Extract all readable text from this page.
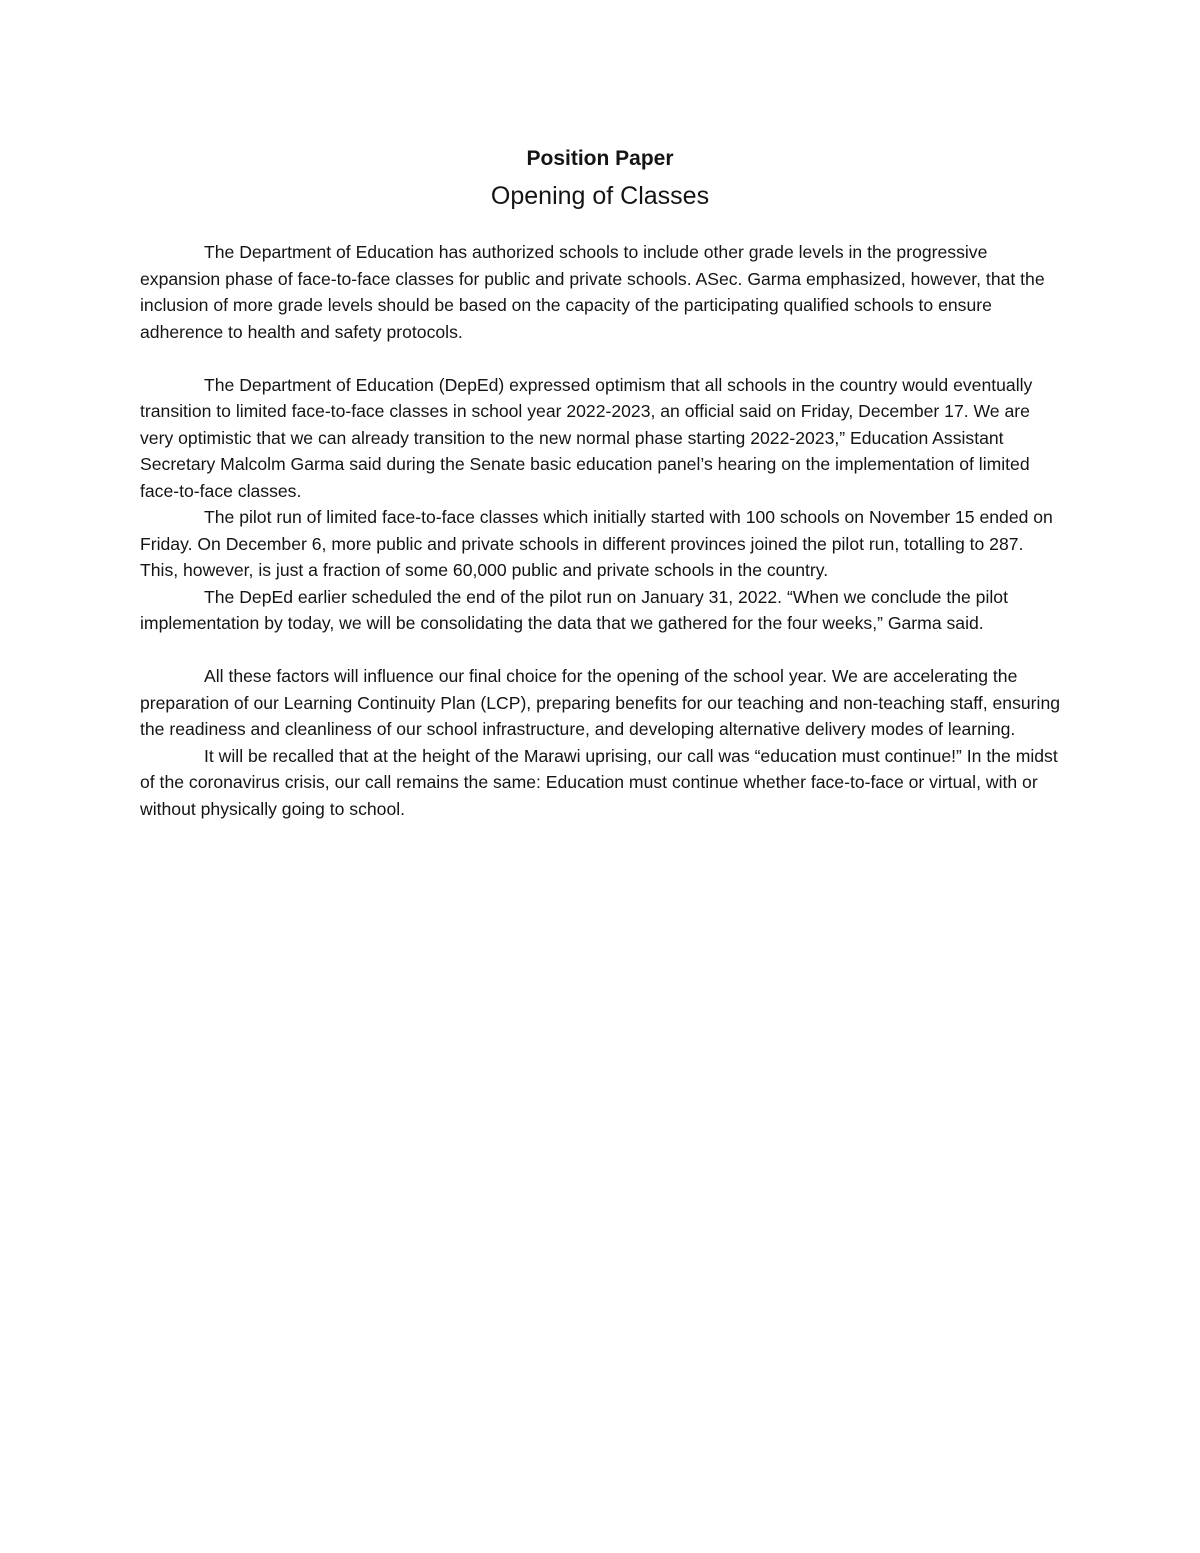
Position Paper
Opening of Classes

The Department of Education has authorized schools to include other grade levels in the progressive expansion phase of face-to-face classes for public and private schools. ASec. Garma emphasized, however, that the inclusion of more grade levels should be based on the capacity of the participating qualified schools to ensure adherence to health and safety protocols.

The Department of Education (DepEd) expressed optimism that all schools in the country would eventually transition to limited face-to-face classes in school year 2022-2023, an official said on Friday, December 17. We are very optimistic that we can already transition to the new normal phase starting 2022-2023,” Education Assistant Secretary Malcolm Garma said during the Senate basic education panel’s hearing on the implementation of limited face-to-face classes.

The pilot run of limited face-to-face classes which initially started with 100 schools on November 15 ended on Friday. On December 6, more public and private schools in different provinces joined the pilot run, totalling to 287. This, however, is just a fraction of some 60,000 public and private schools in the country.

The DepEd earlier scheduled the end of the pilot run on January 31, 2022. “When we conclude the pilot implementation by today, we will be consolidating the data that we gathered for the four weeks,” Garma said.

All these factors will influence our final choice for the opening of the school year. We are accelerating the preparation of our Learning Continuity Plan (LCP), preparing benefits for our teaching and non-teaching staff, ensuring the readiness and cleanliness of our school infrastructure, and developing alternative delivery modes of learning.

It will be recalled that at the height of the Marawi uprising, our call was “education must continue!” In the midst of the coronavirus crisis, our call remains the same: Education must continue whether face-to-face or virtual, with or without physically going to school.
